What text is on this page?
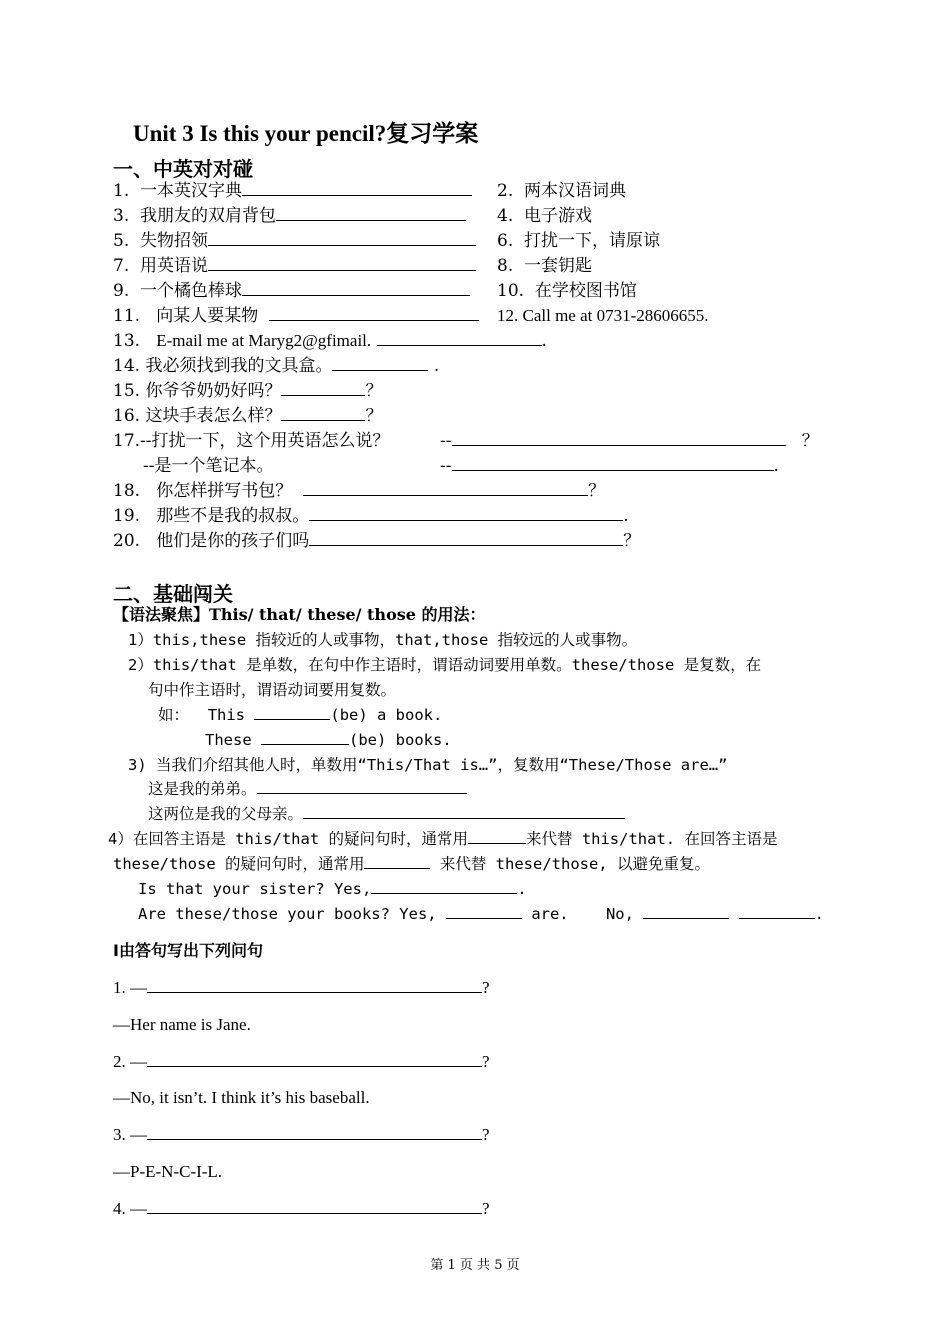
Unit 3 Is this your pencil?复习学案
一、中英对对碰
1. 一本英汉字典	2. 两本汉语词典
3. 我朋友的双肩背包	4. 电子游戏
5. 失物招领	6. 打扰一下，请原谅
7. 用英语说	8. 一套钥匙
9. 一个橘色棒球	10. 在学校图书馆
11. 向某人要某物	12. Call me at 0731-28606655.
13. E-mail me at Maryg2@gfimail.	.
14. 我必须找到我的文具盒。	.
15. 你爷爷奶奶好吗？	？
16. 这块手表怎么样？	？
17.--打扰一下，这个用英语怎么说？	--	？
--是一个笔记本。	--	.
18. 你怎样拼写书包？	？
19. 那些不是我的叔叔。	.
20. 他们是你的孩子们吗	？
二、基础闯关
【语法聚焦】This/ that/ these/ those 的用法：
1）this,these 指较近的人或事物，that,those 指较远的人或事物。
2）this/that 是单数，在句中作主语时，谓语动词要用单数。these/those 是复数，在
句中作主语时，谓语动词要用复数。
如： This	(be) a book.
These	(be) books.
3) 当我们介绍其他人时，单数用“This/That is…”，复数用“These/Those are…”
这是我的弟弟。
这两位是我的父母亲。
4）在回答主语是 this/that 的疑问句时，通常用	来代替 this/that. 在回答主语是
these/those 的疑问句时，通常用	来代替 these/those, 以避免重复。
Is that your sister? Yes,	.
Are these/those your books? Yes,	are. No,	.
I由答句写出下列问句
1. —	?
—Her name is Jane.
2. —	?
—No, it isn’t. I think it’s his baseball.
3. —	?
—P-E-N-C-I-L.
4. —	?
第 1 页 共 5 页
